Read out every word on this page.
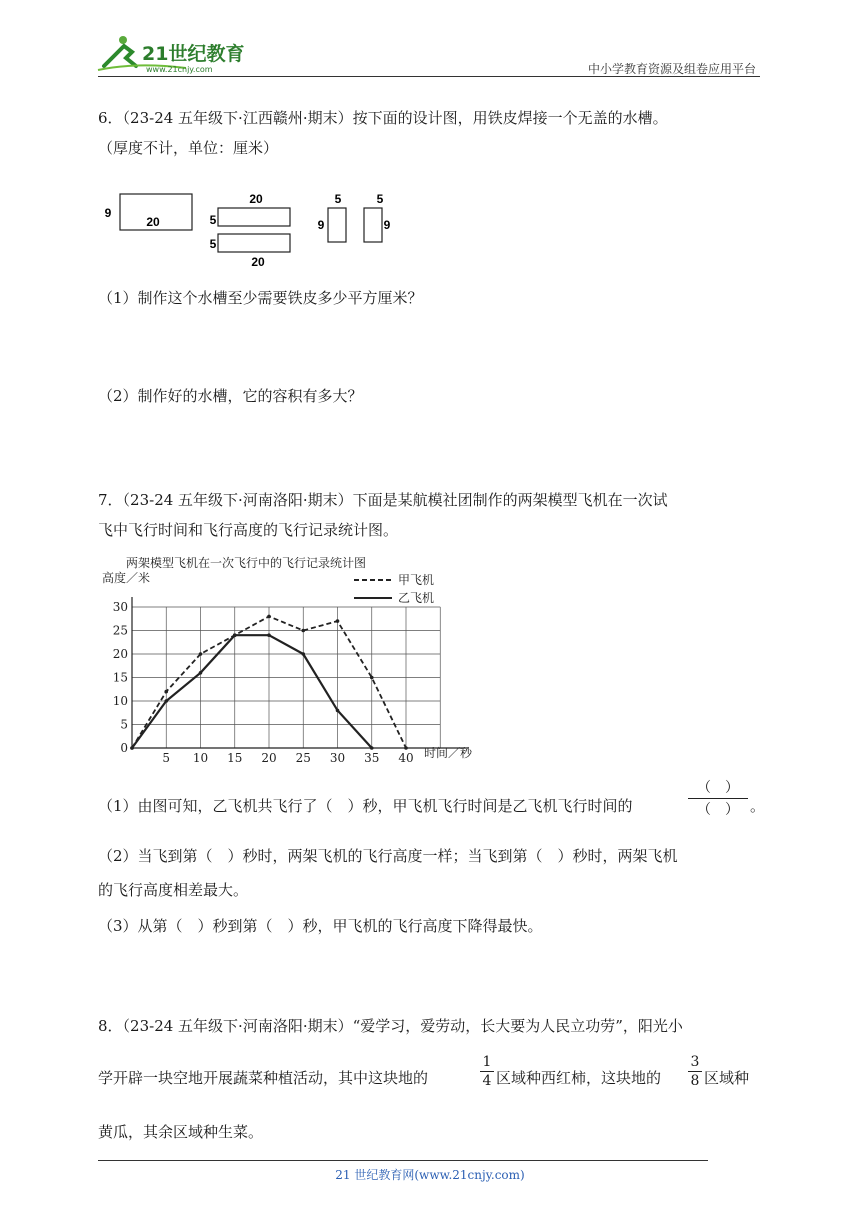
21世纪教育
www.21cnjy.com	中小学教育资源及组卷应用平台
6．（23-24 五年级下·江西赣州·期末）按下面的设计图，用铁皮焊接一个无盖的水槽。
（厚度不计，单位：厘米）
9
20
20
5
5
20
5
9
5
9
（1）制作这个水槽至少需要铁皮多少平方厘米？
（2）制作好的水槽，它的容积有多大？
7．（23-24 五年级下·河南洛阳·期末）下面是某航模社团制作的两架模型飞机在一次试
飞中飞行时间和飞行高度的飞行记录统计图。
两架模型飞机在一次飞行中的飞行记录统计图
高度／米
时间／秒
5 10 15 20 25 30 35 40
0
5
10
15
20
25
30
甲飞机
乙飞机
（1）由图可知，乙飞机共飞行了（　）秒，甲飞机飞行时间是乙飞机飞行时间的
（　）
（　） 。
（2）当飞到第（　）秒时，两架飞机的飞行高度一样；当飞到第（　）秒时，两架飞机
的飞行高度相差最大。
（3）从第（　）秒到第（　）秒，甲飞机的飞行高度下降得最快。
8．（23-24 五年级下·河南洛阳·期末）“爱学习，爱劳动，长大要为人民立功劳”，阳光小
学开辟一块空地开展蔬菜种植活动，其中这块地的	$\frac{1}{4}$ 区域种西红柿，这块地的 $\frac{3}{8}$ 区域种
黄瓜，其余区域种生菜。
21 世纪教育网(www.21cnjy.com)
